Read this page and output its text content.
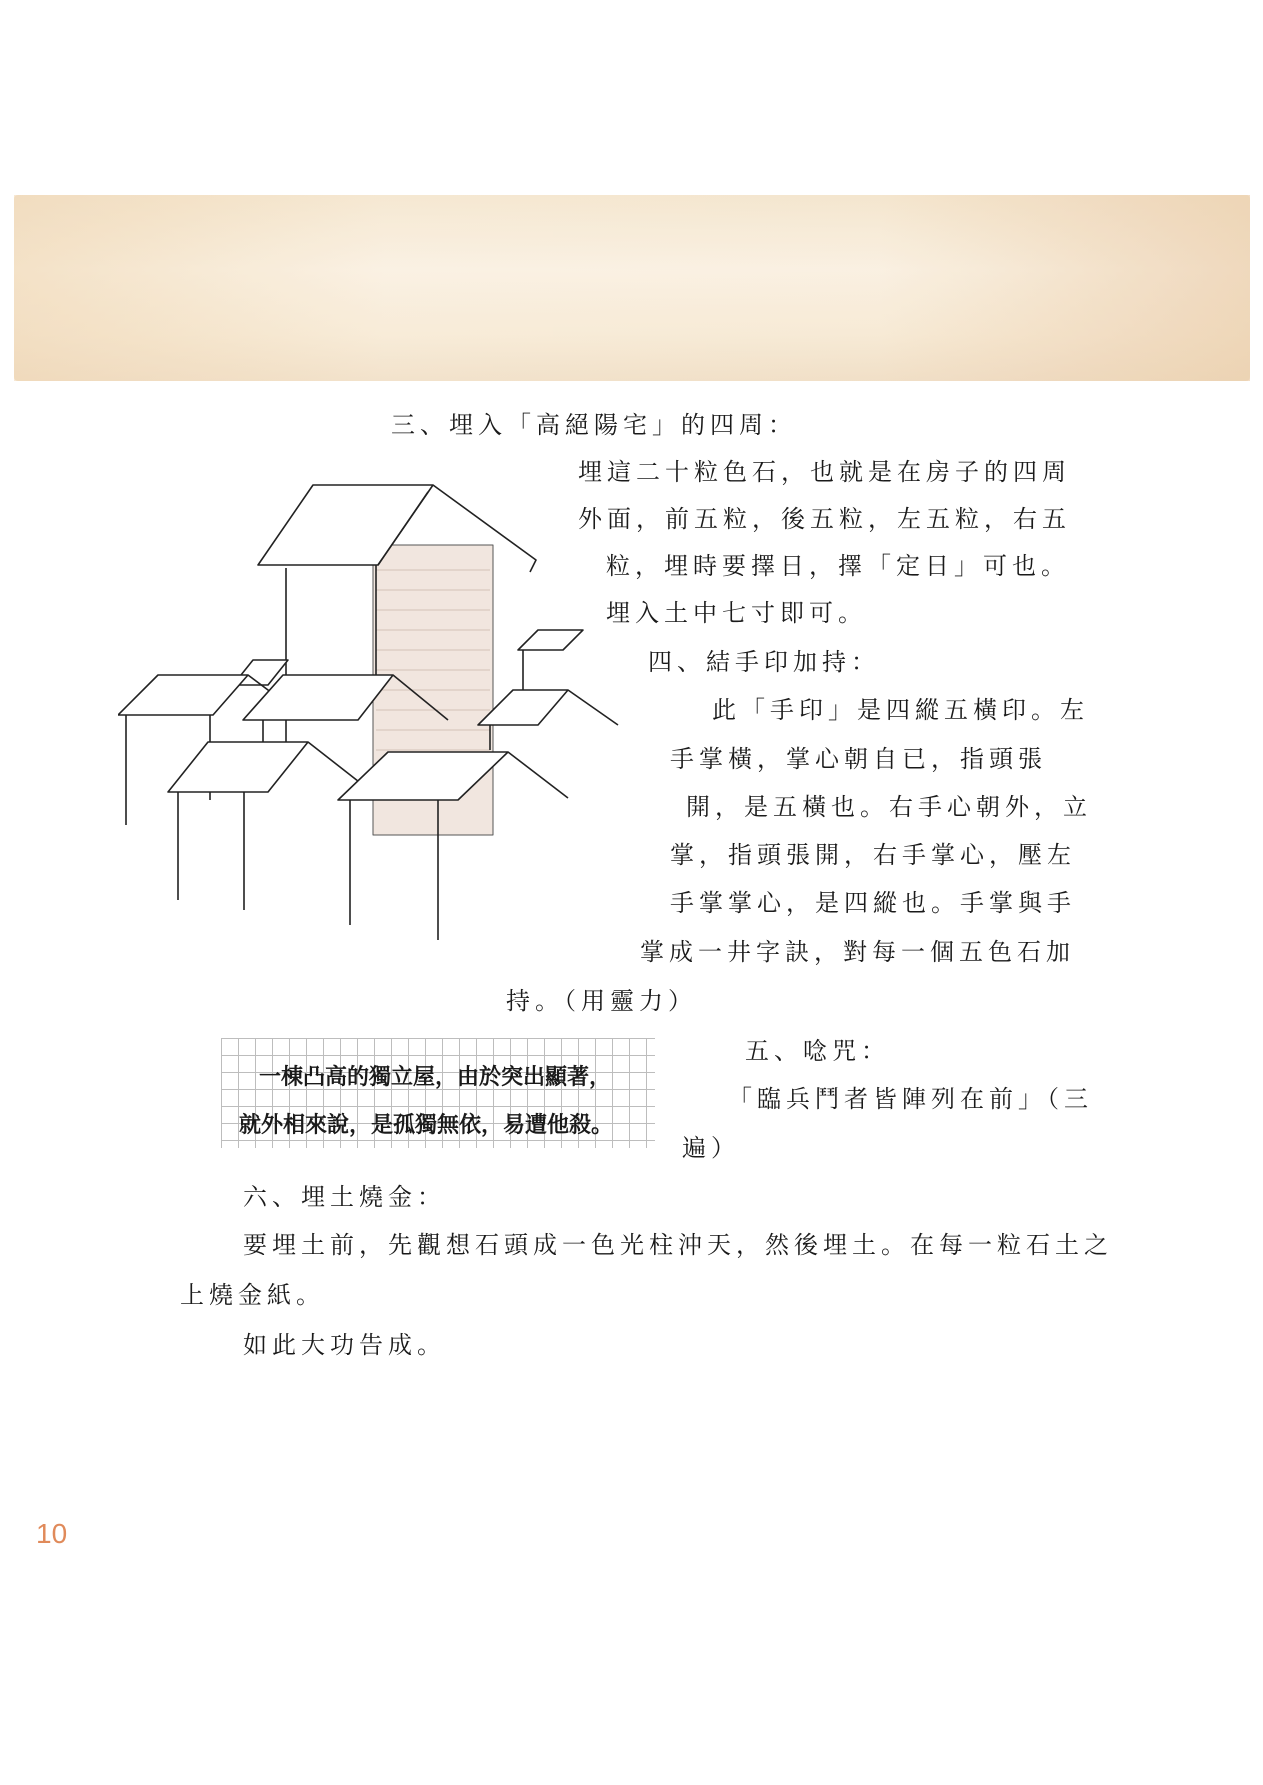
三、埋入「高絕陽宅」的四周：
埋這二十粒色石，也就是在房子的四周
外面，前五粒，後五粒，左五粒，右五
粒，埋時要擇日，擇「定日」可也。
埋入土中七寸即可。
四、結手印加持：
此「手印」是四縱五橫印。左
手掌橫，掌心朝自已，指頭張
開，是五橫也。右手心朝外，立
掌，指頭張開，右手掌心，壓左
手掌掌心，是四縱也。手掌與手
掌成一井字訣，對每一個五色石加
持。（用靈力）
五、唸咒：
「臨兵鬥者皆陣列在前」（三
遍）
一棟凸高的獨立屋，由於突出顯著，
就外相來說，是孤獨無依，易遭他殺。
六、埋土燒金：
要埋土前，先觀想石頭成一色光柱沖天，然後埋土。在每一粒石土之
上燒金紙。
如此大功告成。
10
